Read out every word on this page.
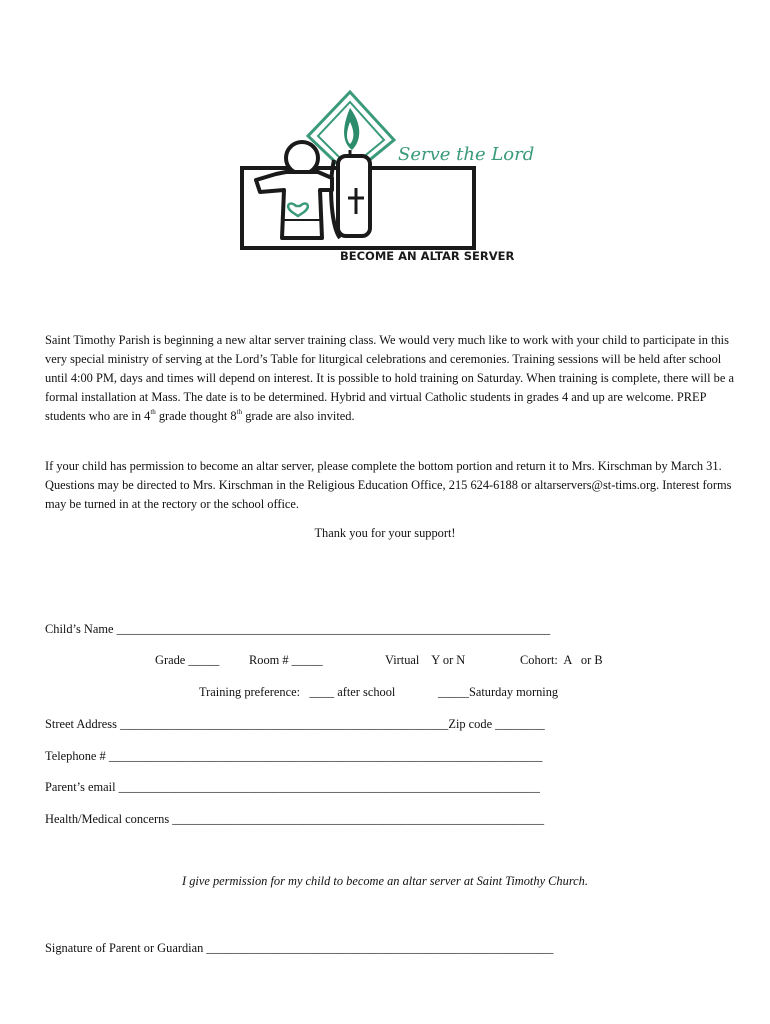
Serve the Lord
BECOME AN ALTAR SERVER
Saint Timothy Parish is beginning a new altar server training class. We would very much like to work with your child to participate in this very special ministry of serving at the Lord’s Table for liturgical celebrations and ceremonies. Training sessions will be held after school until 4:00 PM, days and times will depend on interest. It is possible to hold training on Saturday. When training is complete, there will be a formal installation at Mass. The date is to be determined. Hybrid and virtual Catholic students in grades 4 and up are welcome. PREP students who are in 4th grade thought 8th grade are also invited.
If your child has permission to become an altar server, please complete the bottom portion and return it to Mrs. Kirschman by March 31. Questions may be directed to Mrs. Kirschman in the Religious Education Office, 215 624-6188 or altarservers@st-tims.org. Interest forms may be turned in at the rectory or the school office.
Thank you for your support!
Child’s Name ______________________________________________________________________
Grade _____ Room # _____	Virtual    Y or N	Cohort:  A   or B
Training preference:   ____ after school	_____Saturday morning
Street Address _____________________________________________________Zip code ________
Telephone # ______________________________________________________________________
Parent’s email ____________________________________________________________________
Health/Medical concerns ____________________________________________________________
I give permission for my child to become an altar server at Saint Timothy Church.
Signature of Parent or Guardian ________________________________________________________
